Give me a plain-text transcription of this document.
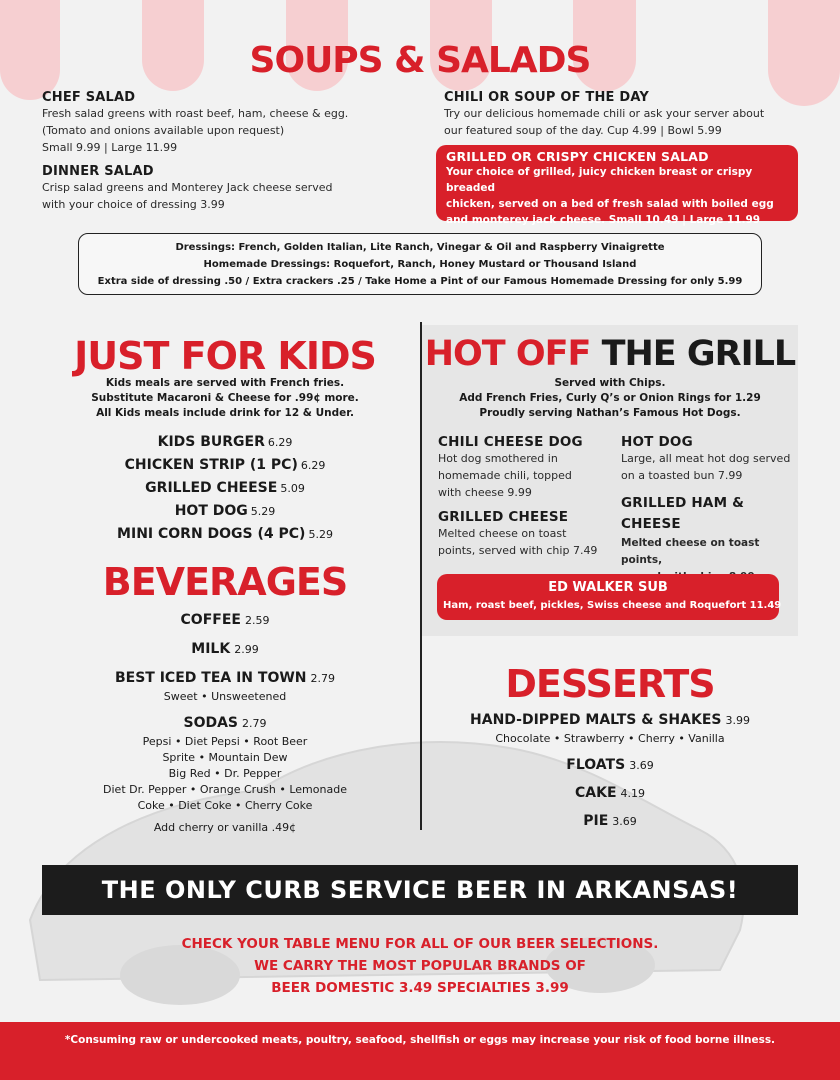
SOUPS & SALADS
CHEF SALAD
Fresh salad greens with roast beef, ham, cheese & egg.
(Tomato and onions available upon request)
Small 9.99 | Large 11.99
DINNER SALAD
Crisp salad greens and Monterey Jack cheese served
with your choice of dressing 3.99
CHILI OR SOUP OF THE DAY
Try our delicious homemade chili or ask your server about
our featured soup of the day. Cup 4.99 | Bowl 5.99
GRILLED OR CRISPY CHICKEN SALAD
Your choice of grilled, juicy chicken breast or crispy breaded
chicken, served on a bed of fresh salad with boiled egg
and monterey jack cheese. Small 10.49 | Large 11.99
Dressings: French, Golden Italian, Lite Ranch, Vinegar & Oil and Raspberry Vinaigrette
Homemade Dressings: Roquefort, Ranch, Honey Mustard or Thousand Island
Extra side of dressing .50 / Extra crackers .25 / Take Home a Pint of our Famous Homemade Dressing for only 5.99
JUST FOR KIDS
Kids meals are served with French fries.
Substitute Macaroni & Cheese for .99¢ more.
All Kids meals include drink for 12 & Under.
KIDS BURGER 6.29
CHICKEN STRIP (1 PC) 6.29
GRILLED CHEESE 5.09
HOT DOG 5.29
MINI CORN DOGS (4 PC) 5.29
BEVERAGES
COFFEE 2.59
MILK 2.99
BEST ICED TEA IN TOWN 2.79
Sweet • Unsweetened
SODAS 2.79
Pepsi • Diet Pepsi • Root Beer
Sprite • Mountain Dew
Big Red • Dr. Pepper
Diet Dr. Pepper • Orange Crush • Lemonade
Coke • Diet Coke • Cherry Coke
Add cherry or vanilla .49¢
HOT OFF THE GRILL
Served with Chips.
Add French Fries, Curly Q’s or Onion Rings for 1.29
Proudly serving Nathan’s Famous Hot Dogs.
CHILI CHEESE DOG
Hot dog smothered in
homemade chili, topped
with cheese 9.99
GRILLED CHEESE
Melted cheese on toast
points, served with chip 7.49
HOT DOG
Large, all meat hot dog served
on a toasted bun 7.99
GRILLED HAM &
CHEESE
Melted cheese on toast points,
ED WALKER SUB
Ham, roast beef, pickles, Swiss cheese and Roquefort 11.49
DESSERTS
HAND-DIPPED MALTS & SHAKES 3.99
Chocolate • Strawberry • Cherry • Vanilla
FLOATS 3.69
CAKE 4.19
PIE 3.69
THE ONLY CURB SERVICE BEER IN ARKANSAS!
CHECK YOUR TABLE MENU FOR ALL OF OUR BEER SELECTIONS.
WE CARRY THE MOST POPULAR BRANDS OF
BEER DOMESTIC 3.49 SPECIALTIES 3.99
*Consuming raw or undercooked meats, poultry, seafood, shellfish or eggs may increase your risk of food borne illness.
